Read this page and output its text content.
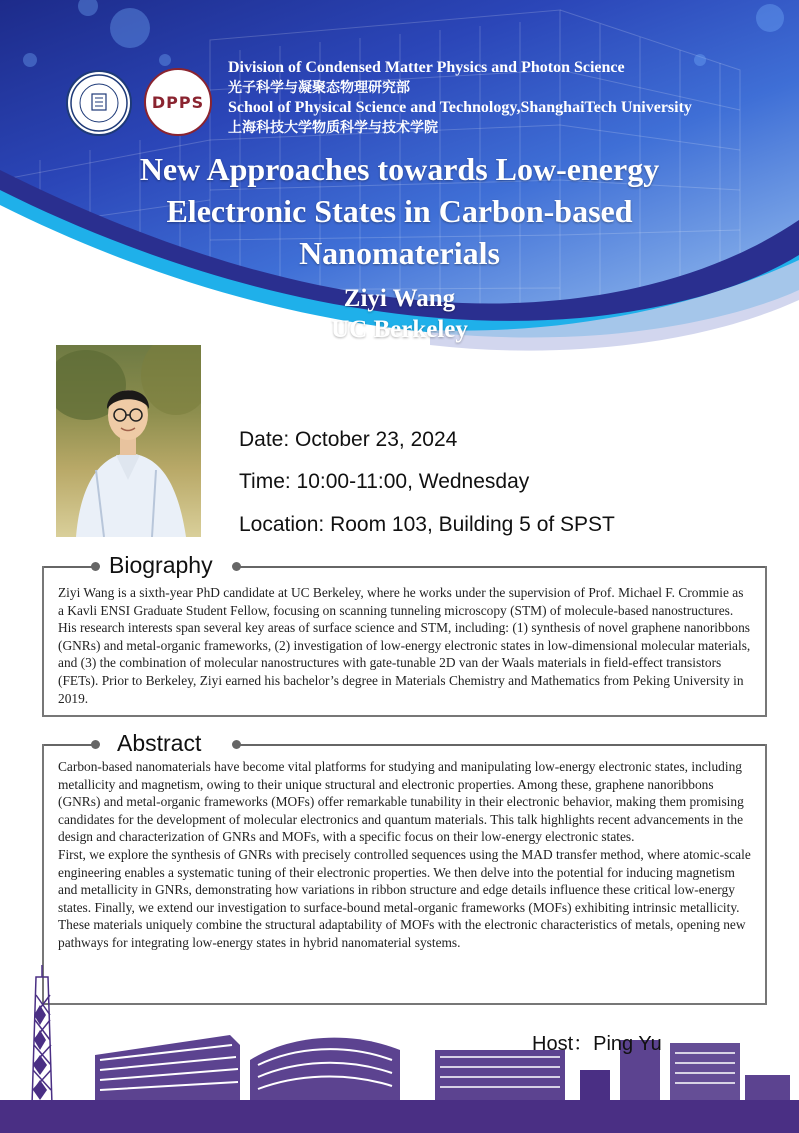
DPPS
Division of Condensed Matter Physics and Photon Science
光子科学与凝聚态物理研究部
School of Physical Science and Technology,ShanghaiTech University
上海科技大学物质科学与技术学院
New Approaches towards Low-energy
Electronic States in Carbon-based
Nanomaterials
Ziyi Wang
UC Berkeley
Date: October 23, 2024
Time: 10:00-11:00, Wednesday
Location: Room 103, Building 5 of SPST
Biography

Ziyi Wang is a sixth-year PhD candidate at UC Berkeley, where he works under the supervision of Prof. Michael F. Crommie as a Kavli ENSI Graduate Student Fellow, focusing on scanning tunneling microscopy (STM) of molecule-based nanostructures. His research interests span several key areas of surface science and STM, including: (1) synthesis of novel graphene nanoribbons (GNRs) and metal-organic frameworks, (2) investigation of low-energy electronic states in low-dimensional molecular materials, and (3) the combination of molecular nanostructures with gate-tunable 2D van der Waals materials in field-effect transistors (FETs). Prior to Berkeley, Ziyi earned his bachelor’s degree in Materials Chemistry and Mathematics from Peking University in 2019.

Abstract

Carbon-based nanomaterials have become vital platforms for studying and manipulating low-energy electronic states, including metallicity and magnetism, owing to their unique structural and electronic properties. Among these, graphene nanoribbons (GNRs) and metal-organic frameworks (MOFs) offer remarkable tunability in their electronic behavior, making them promising candidates for the development of molecular electronics and quantum materials. This talk highlights recent advancements in the design and characterization of GNRs and MOFs, with a specific focus on their low-energy electronic states.

First, we explore the synthesis of GNRs with precisely controlled sequences using the MAD transfer method, where atomic-scale engineering enables a systematic tuning of their electronic properties. We then delve into the potential for inducing magnetism and metallicity in GNRs, demonstrating how variations in ribbon structure and edge details influence these critical low-energy states. Finally, we extend our investigation to surface-bound metal-organic frameworks (MOFs) exhibiting intrinsic metallicity. These materials uniquely combine the structural adaptability of MOFs with the electronic characteristics of metals, opening new pathways for integrating low-energy states in hybrid nanomaterial systems.

Host：Ping Yu
